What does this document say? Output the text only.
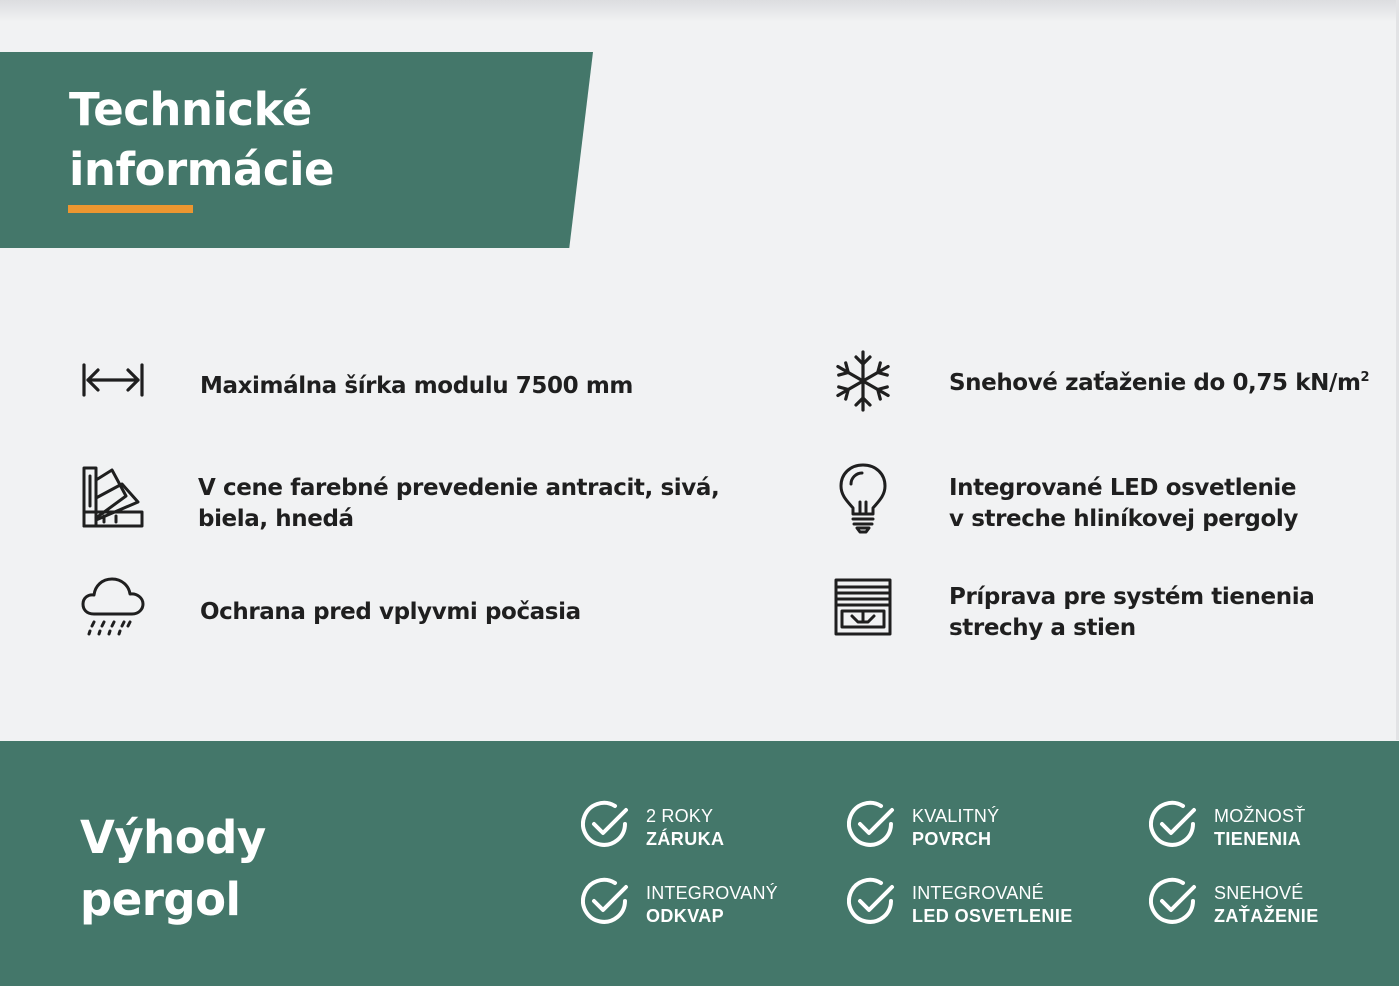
Technické
informácie
Maximálna šírka modulu 7500 mm	Snehové zaťaženie do 0,75 $kN/m^2$
V cene farebné prevedenie antracit, sivá,
biela, hnedá
Integrované LED osvetlenie
v streche hliníkovej pergoly
Ochrana pred vplyvmi počasia
Príprava pre systém tienenia
strechy a stien
Výhody
pergol
2 ROKY
ZÁRUKA
KVALITNÝ
POVRCH
MOŽNOSŤ
TIENENIA
INTEGROVANÝ
ODKVAP
INTEGROVANÉ
LED OSVETLENIE
SNEHOVÉ
ZAŤAŽENIE
